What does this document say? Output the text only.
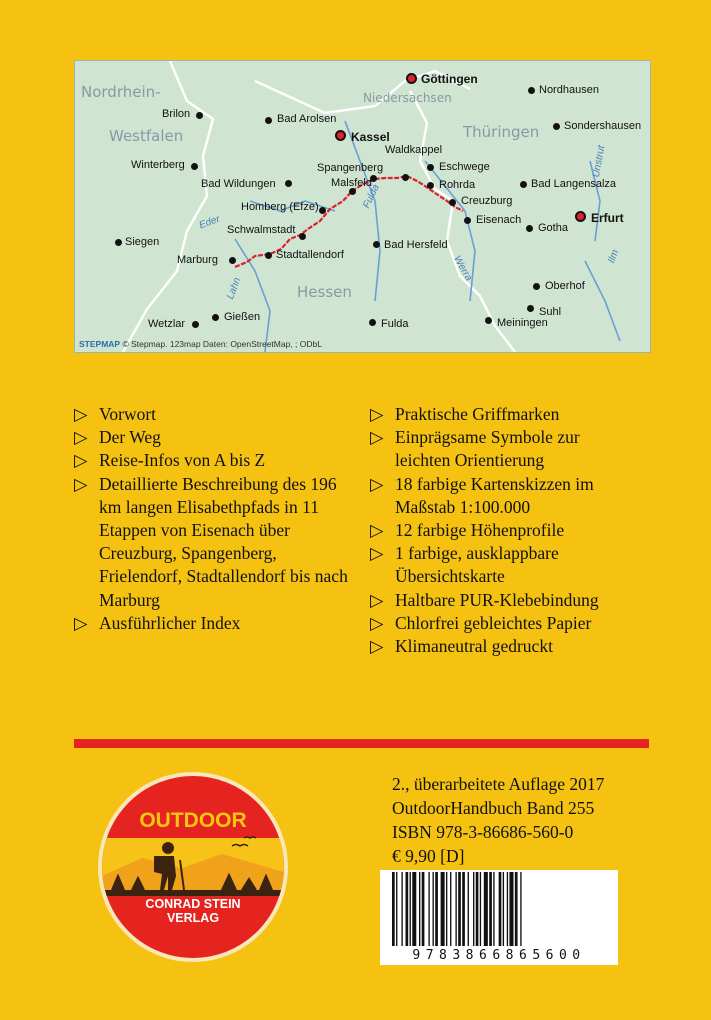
Nordrhein-
Westfalen
Niedersachsen
Thüringen
Hessen
Unstrut
Eder
Fulda
Werra
Lahn
Ilm
Göttingen
Kassel
Erfurt
Nordhausen
Sondershausen
Brilon	Bad Arolsen
Winterberg
Waldkappel
Eschwege
Spangenberg
Malsfeld
Bad Wildungen	Rohrda	Bad Langensalza
Creuzburg
Homberg (Efze)
Eisenach
Gotha
Schwalmstadt
Siegen	Bad Hersfeld
Marburg	Stadtallendorf
Oberhof
Suhl
Wetzlar
Gießen
Fulda	Meiningen
STEPMAP © Stepmap. 123map Daten: OpenStreetMap, ; ODbL
▷ Vorwort
▷ Der Weg
▷ Reise-Infos von A bis Z
▷ Detaillierte Beschreibung des 196 km langen Elisabethpfads in 11 Etappen von Eisenach über Creuzburg, Spangenberg, Frielendorf, Stadtallendorf bis nach Marburg
▷ Ausführlicher Index
▷ Praktische Griffmarken
▷ Einprägsame Symbole zur leichten Orientierung
▷ 18 farbige Kartenskizzen im Maßstab 1:100.000
▷ 12 farbige Höhenprofile
▷ 1 farbige, ausklappbare Übersichtskarte
▷ Haltbare PUR-Klebebindung
▷ Chlorfrei gebleichtes Papier
▷ Klimaneutral gedruckt
OUTDOOR
CONRAD STEIN
VERLAG
2., überarbeitete Auflage 2017
OutdoorHandbuch Band 255
ISBN 978-3-86686-560-0
€ 9,90 [D]
9783866865600
